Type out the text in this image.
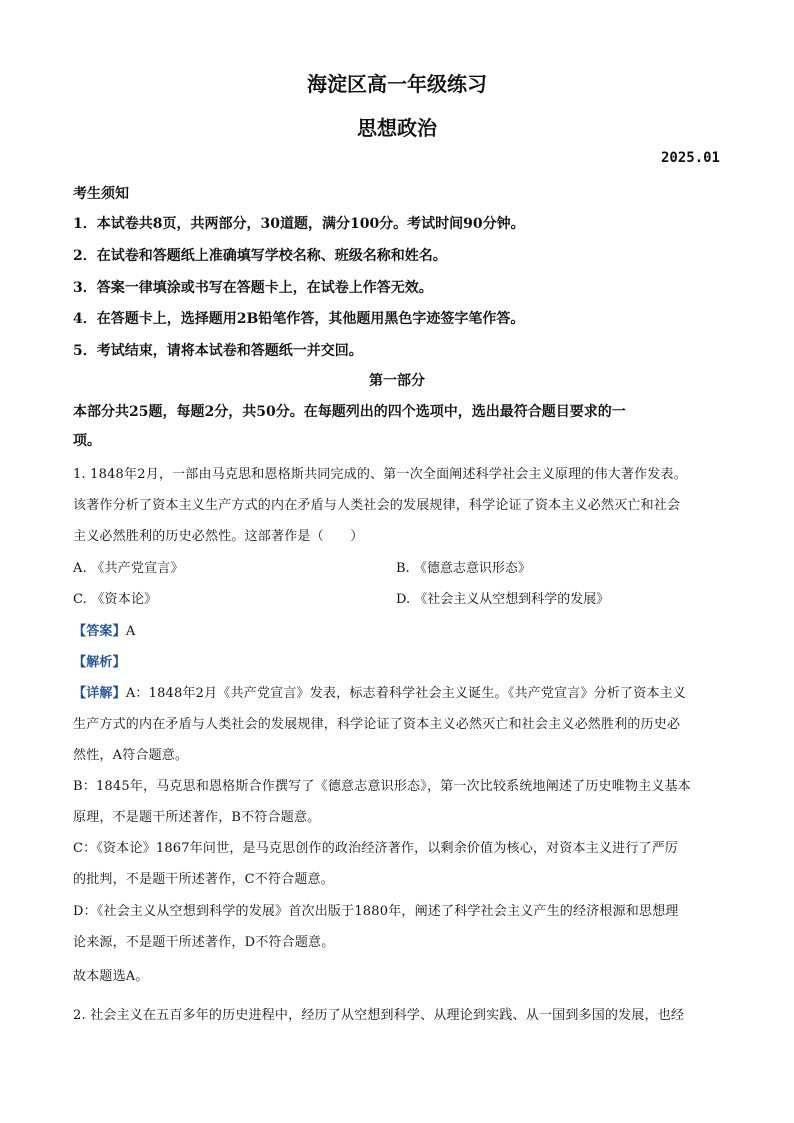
海淀区高一年级练习
思想政治
2025.01
考生须知
1．本试卷共8页，共两部分，30道题，满分100分。考试时间90分钟。
2．在试卷和答题纸上准确填写学校名称、班级名称和姓名。
3．答案一律填涂或书写在答题卡上，在试卷上作答无效。
4．在答题卡上，选择题用2B铅笔作答，其他题用黑色字迹签字笔作答。
5．考试结束，请将本试卷和答题纸一并交回。
第一部分
本部分共25题，每题2分，共50分。在每题列出的四个选项中，选出最符合题目要求的一
项。
1. 1848年2月，一部由马克思和恩格斯共同完成的、第一次全面阐述科学社会主义原理的伟大著作发表。
该著作分析了资本主义生产方式的内在矛盾与人类社会的发展规律，科学论证了资本主义必然灭亡和社会
主义必然胜利的历史必然性。这部著作是（　　）
A. 《共产党宣言》	B. 《德意志意识形态》
C. 《资本论》	D. 《社会主义从空想到科学的发展》
【答案】A
【解析】
【详解】A：1848年2月《共产党宣言》发表，标志着科学社会主义诞生。《共产党宣言》分析了资本主义
生产方式的内在矛盾与人类社会的发展规律，科学论证了资本主义必然灭亡和社会主义必然胜利的历史必
然性，A符合题意。
B：1845年，马克思和恩格斯合作撰写了《德意志意识形态》，第一次比较系统地阐述了历史唯物主义基本
原理，不是题干所述著作，B不符合题意。
C：《资本论》1867年问世，是马克思创作的政治经济著作，以剩余价值为核心，对资本主义进行了严厉
的批判，不是题干所述著作，C不符合题意。
D：《社会主义从空想到科学的发展》首次出版于1880年，阐述了科学社会主义产生的经济根源和思想理
论来源，不是题干所述著作，D不符合题意。
故本题选A。
2. 社会主义在五百多年的历史进程中，经历了从空想到科学、从理论到实践、从一国到多国的发展，也经
